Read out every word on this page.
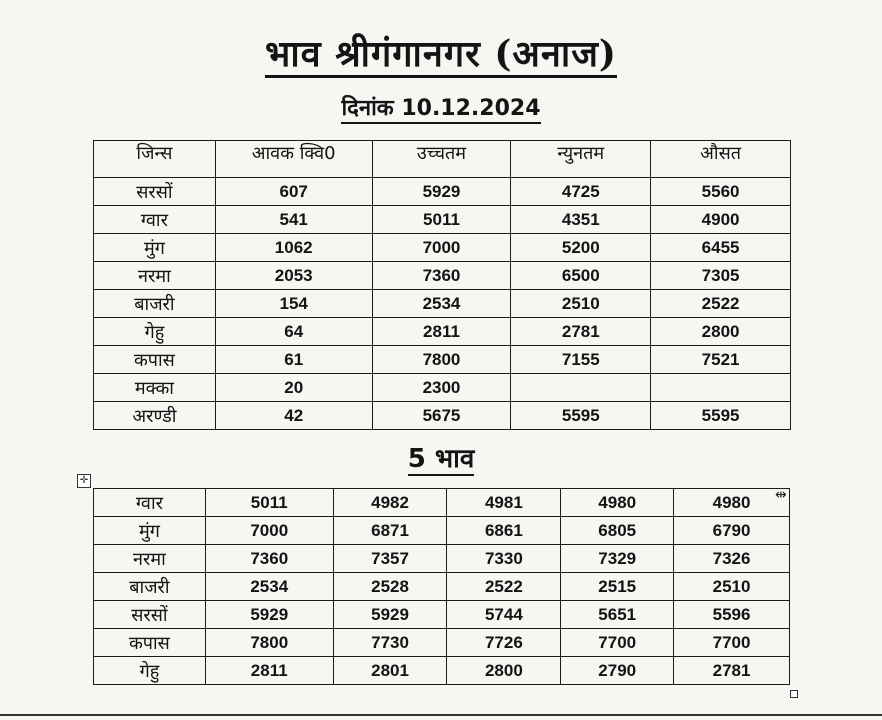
भाव श्रीगंगानगर (अनाज)
दिनांक 10.12.2024
जिन्स	आवक क्वि0	उच्चतम	न्युनतम	औसत
सरसों	607	5929	4725	5560
ग्वार	541	5011	4351	4900
मुंग	1062	7000	5200	6455
नरमा	2053	7360	6500	7305
बाजरी	154	2534	2510	2522
गेहु	64	2811	2781	2800
कपास	61	7800	7155	7521
मक्का	20	2300		
अरण्डी	42	5675	5595	5595
5 भाव
✛
ग्वार	5011	4982	4981	4980	4980
मुंग	7000	6871	6861	6805	6790
नरमा	7360	7357	7330	7329	7326
बाजरी	2534	2528	2522	2515	2510
सरसों	5929	5929	5744	5651	5596
कपास	7800	7730	7726	7700	7700
गेहु	2811	2801	2800	2790	2781
⇹
